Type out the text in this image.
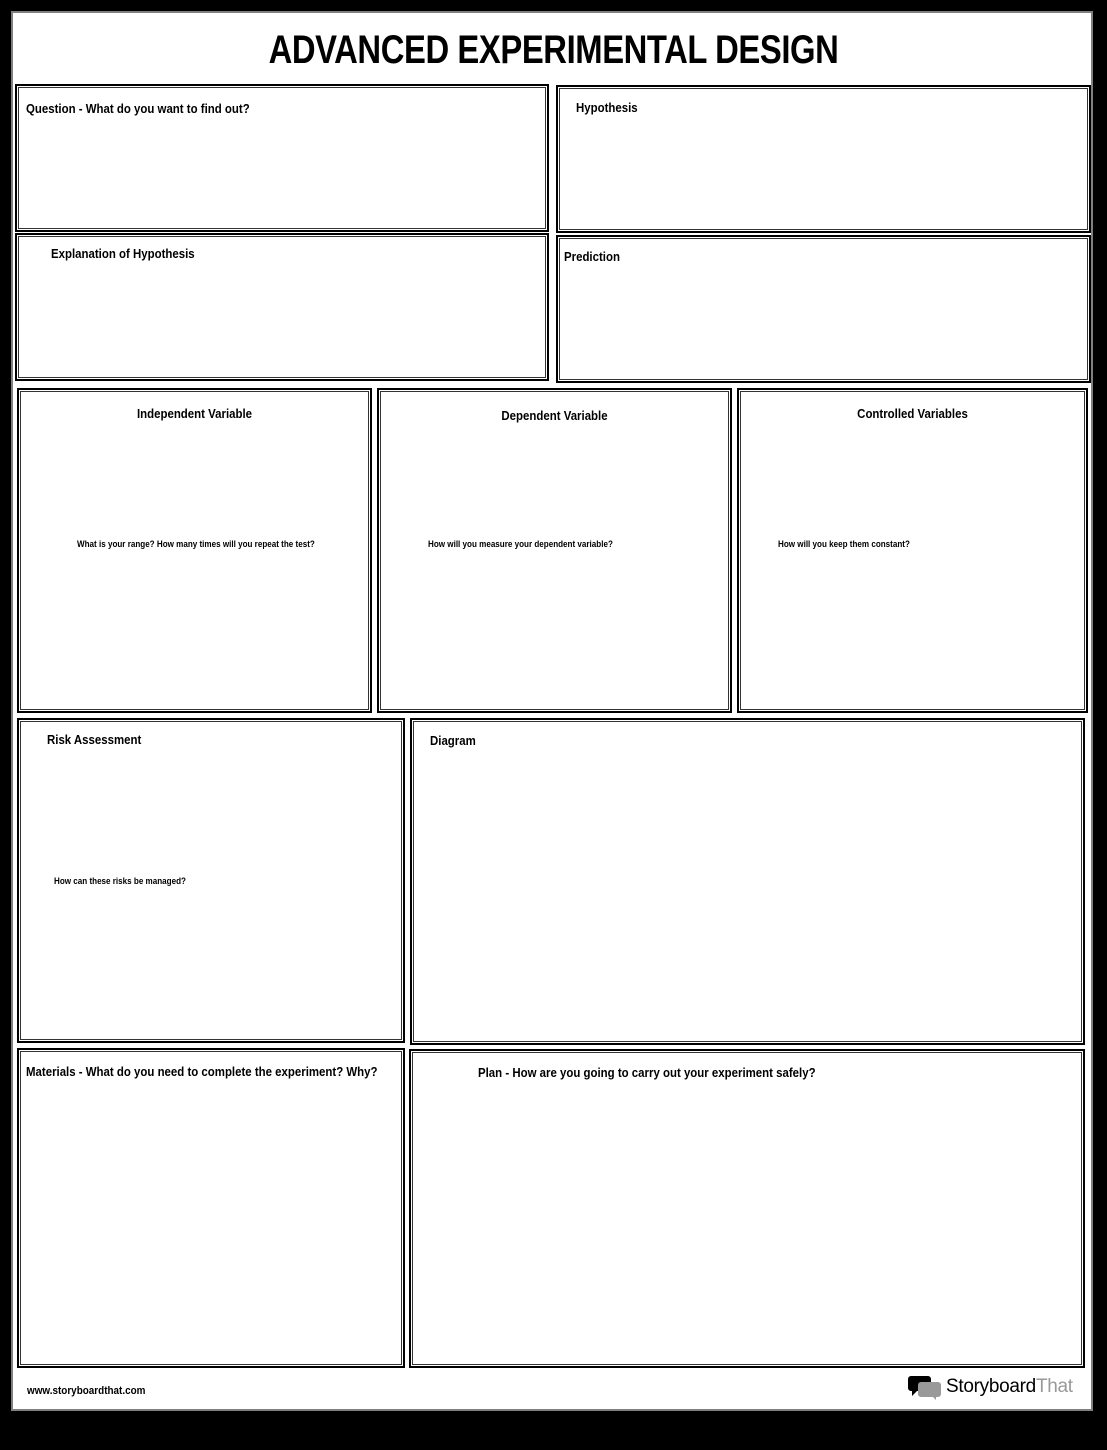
ADVANCED EXPERIMENTAL DESIGN
Question - What do you want to find out?	Hypothesis
Explanation of Hypothesis	Prediction
Independent Variable
What is your range? How many times will you repeat the test?
Dependent Variable
How will you measure your dependent variable?
Controlled Variables
How will you keep them constant?
Risk Assessment
How can these risks be managed?
Diagram
Materials - What do you need to complete the experiment? Why?	Plan - How are you going to carry out your experiment safely?
www.storyboardthat.com	StoryboardThat
